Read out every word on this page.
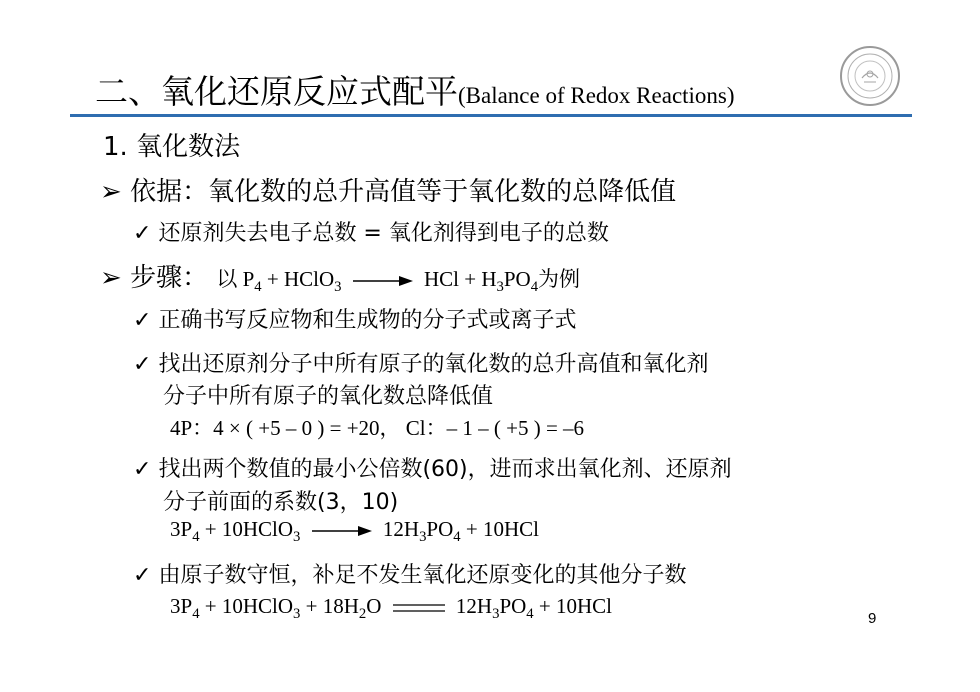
二、氧化还原反应式配平(Balance of Redox Reactions)
1. 氧化数法
➢ 依据：氧化数的总升高值等于氧化数的总降低值
✓ 还原剂失去电子总数 = 氧化剂得到电子的总数
➢ 步骤： 以 $P_4$ + HClO$_3$ → HCl + $H_3PO_4$为例
✓ 正确书写反应物和生成物的分子式或离子式
✓ 找出还原剂分子中所有原子的氧化数的总升高值和氧化剂
分子中所有原子的氧化数总降低值
4P：4 × ( +5 – 0 ) = +20， Cl：– 1 – ( +5 ) = –6
✓ 找出两个数值的最小公倍数(60)，进而求出氧化剂、还原剂
分子前面的系数(3，10)
$3P_4$ + 10HClO$_3$ → $12H_3PO_4 + 10HCl$
✓ 由原子数守恒，补足不发生氧化还原变化的其他分子数
$3P_4$ + 10HClO$_3$ + $18H_2O$	$12H_3PO_4 + 10HCl$
9
